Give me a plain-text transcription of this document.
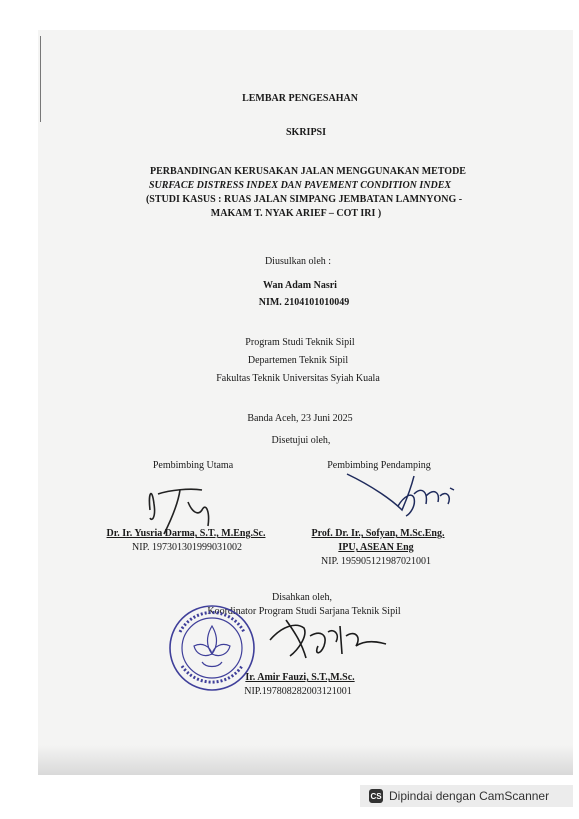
LEMBAR PENGESAHAN
SKRIPSI
PERBANDINGAN KERUSAKAN JALAN MENGGUNAKAN METODE
SURFACE DISTRESS INDEX DAN PAVEMENT CONDITION INDEX
(STUDI KASUS : RUAS JALAN SIMPANG JEMBATAN LAMNYONG -
MAKAM T. NYAK ARIEF – COT IRI )
Diusulkan oleh :
Wan Adam Nasri
NIM. 2104101010049
Program Studi Teknik Sipil
Departemen Teknik Sipil
Fakultas Teknik Universitas Syiah Kuala
Banda Aceh, 23 Juni 2025
Disetujui oleh,
Pembimbing Utama	Pembimbing Pendamping
Dr. Ir. Yusria Darma, S.T., M.Eng.Sc.
NIP. 197301301999031002
Prof. Dr. Ir., Sofyan, M.Sc.Eng.
IPU, ASEAN Eng
NIP. 195905121987021001
Disahkan oleh,
Koordinator Program Studi Sarjana Teknik Sipil
Ir. Amir Fauzi, S.T.,M.Sc.
NIP.197808282003121001
CS Dipindai dengan CamScanner
